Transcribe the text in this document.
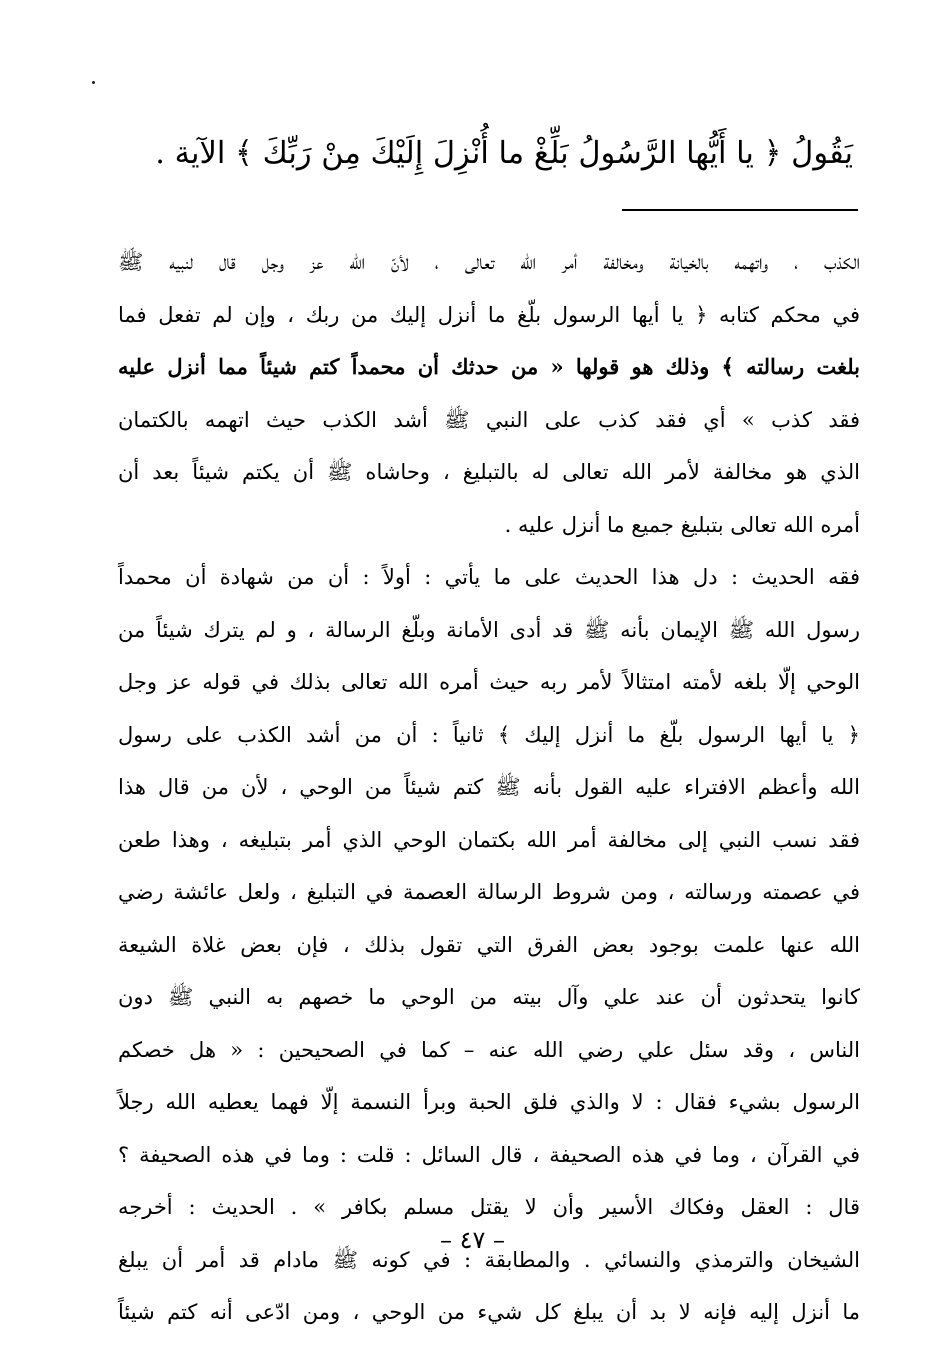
يَقُولُ ﴿ يا أَيُّها الرَّسُولُ بَلِّغْ ما أُنْزِلَ إِلَيْكَ مِنْ رَبِّكَ ﴾ الآية .
الكذب ، واتهمه بالخيانة ومخالفة أمر الله تعالى ، لأنّ الله عز وجل قال لنبيه ﷺ
في محكم كتابه ﴿ يا أيها الرسول بلّغ ما أنزل إليك من ربك ، وإن لم تفعل فما
بلغت رسالته ﴾ وذلك هو قولها « من حدثك أن محمداً كتم شيئاً مما أنزل عليه
فقد كذب » أي فقد كذب على النبي ﷺ أشد الكذب حيث اتهمه بالكتمان
الذي هو مخالفة لأمر الله تعالى له بالتبليغ ، وحاشاه ﷺ أن يكتم شيئاً بعد أن
أمره الله تعالى بتبليغ جميع ما أنزل عليه .
فقه الحديث : دل هذا الحديث على ما يأتي : أولاً : أن من شهادة أن محمداً
رسول الله ﷺ الإيمان بأنه ﷺ قد أدى الأمانة وبلّغ الرسالة ، و لم يترك شيئاً من
الوحي إلّا بلغه لأمته امتثالاً لأمر ربه حيث أمره الله تعالى بذلك في قوله عز وجل
﴿ يا أيها الرسول بلّغ ما أنزل إليك ﴾ ثانياً : أن من أشد الكذب على رسول
الله وأعظم الافتراء عليه القول بأنه ﷺ كتم شيئاً من الوحي ، لأن من قال هذا
فقد نسب النبي إلى مخالفة أمر الله بكتمان الوحي الذي أمر بتبليغه ، وهذا طعن
في عصمته ورسالته ، ومن شروط الرسالة العصمة في التبليغ ، ولعل عائشة رضي
الله عنها علمت بوجود بعض الفرق التي تقول بذلك ، فإن بعض غلاة الشيعة
كانوا يتحدثون أن عند علي وآل بيته من الوحي ما خصهم به النبي ﷺ دون
الناس ، وقد سئل علي رضي الله عنه – كما في الصحيحين : « هل خصكم
الرسول بشيء فقال : لا والذي فلق الحبة وبرأ النسمة إلّا فهما يعطيه الله رجلاً
في القرآن ، وما في هذه الصحيفة ، قال السائل : قلت : وما في هذه الصحيفة ؟
قال : العقل وفكاك الأسير وأن لا يقتل مسلم بكافر » . الحديث : أخرجه
الشيخان والترمذي والنسائي . والمطابقة : في كونه ﷺ مادام قد أمر أن يبلغ
ما أنزل إليه فإنه لا بد أن يبلغ كل شيء من الوحي ، ومن ادّعى أنه كتم شيئاً
– ٤٧ –
